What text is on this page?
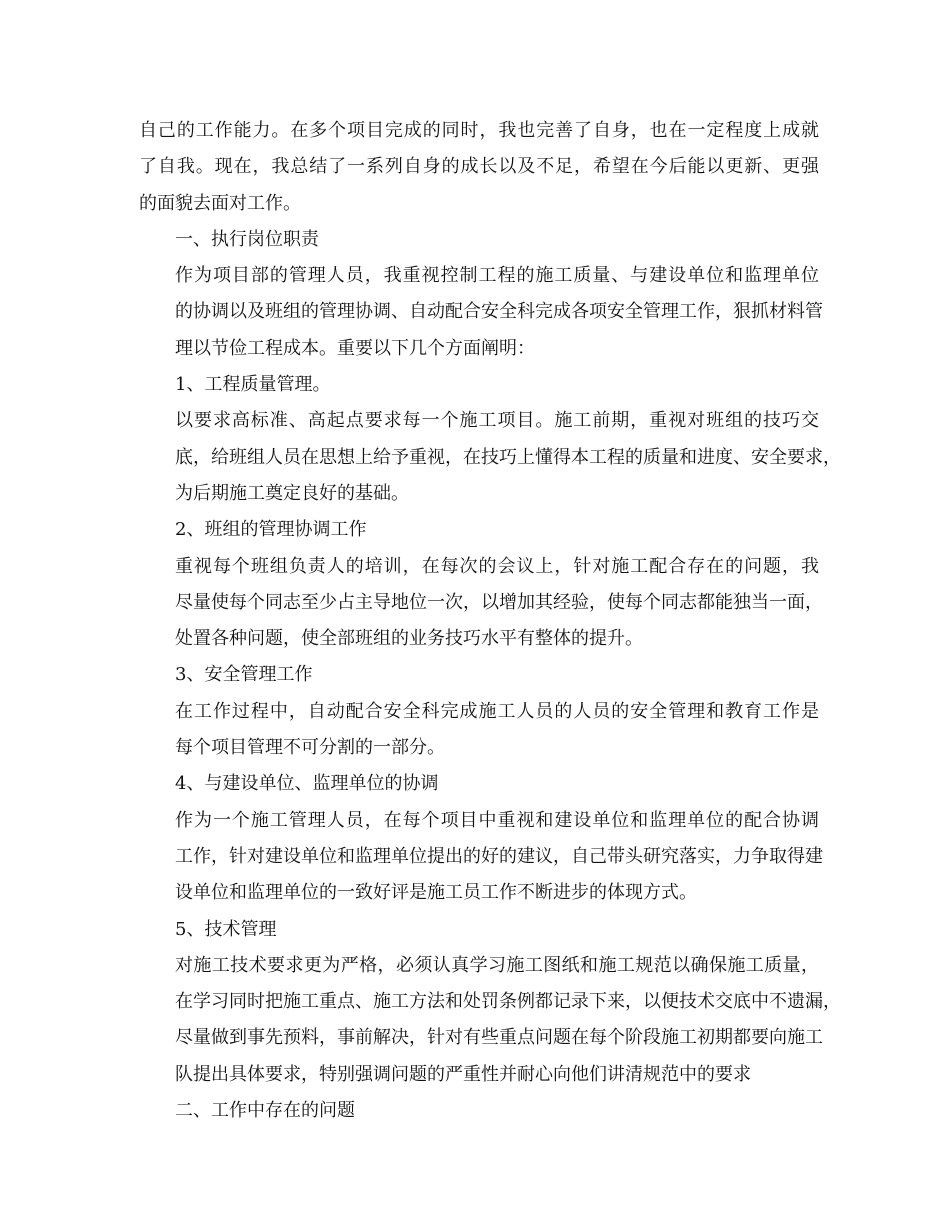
自己的工作能力。在多个项目完成的同时，我也完善了自身，也在一定程度上成就
了自我。现在，我总结了一系列自身的成长以及不足，希望在今后能以更新、更强
的面貌去面对工作。
一、执行岗位职责
作为项目部的管理人员，我重视控制工程的施工质量、与建设单位和监理单位
的协调以及班组的管理协调、自动配合安全科完成各项安全管理工作，狠抓材料管
理以节俭工程成本。重要以下几个方面阐明：
1、工程质量管理。
以要求高标准、高起点要求每一个施工项目。施工前期，重视对班组的技巧交
底，给班组人员在思想上给予重视，在技巧上懂得本工程的质量和进度、安全要求，
为后期施工奠定良好的基础。
2、班组的管理协调工作
重视每个班组负责人的培训，在每次的会议上，针对施工配合存在的问题，我
尽量使每个同志至少占主导地位一次，以增加其经验，使每个同志都能独当一面，
处置各种问题，使全部班组的业务技巧水平有整体的提升。
3、安全管理工作
在工作过程中，自动配合安全科完成施工人员的人员的安全管理和教育工作是
每个项目管理不可分割的一部分。
4、与建设单位、监理单位的协调
作为一个施工管理人员，在每个项目中重视和建设单位和监理单位的配合协调
工作，针对建设单位和监理单位提出的好的建议，自己带头研究落实，力争取得建
设单位和监理单位的一致好评是施工员工作不断进步的体现方式。
5、技术管理
对施工技术要求更为严格，必须认真学习施工图纸和施工规范以确保施工质量，
在学习同时把施工重点、施工方法和处罚条例都记录下来，以便技术交底中不遗漏，
尽量做到事先预料，事前解决，针对有些重点问题在每个阶段施工初期都要向施工
队提出具体要求，特别强调问题的严重性并耐心向他们讲清规范中的要求
二、工作中存在的问题
